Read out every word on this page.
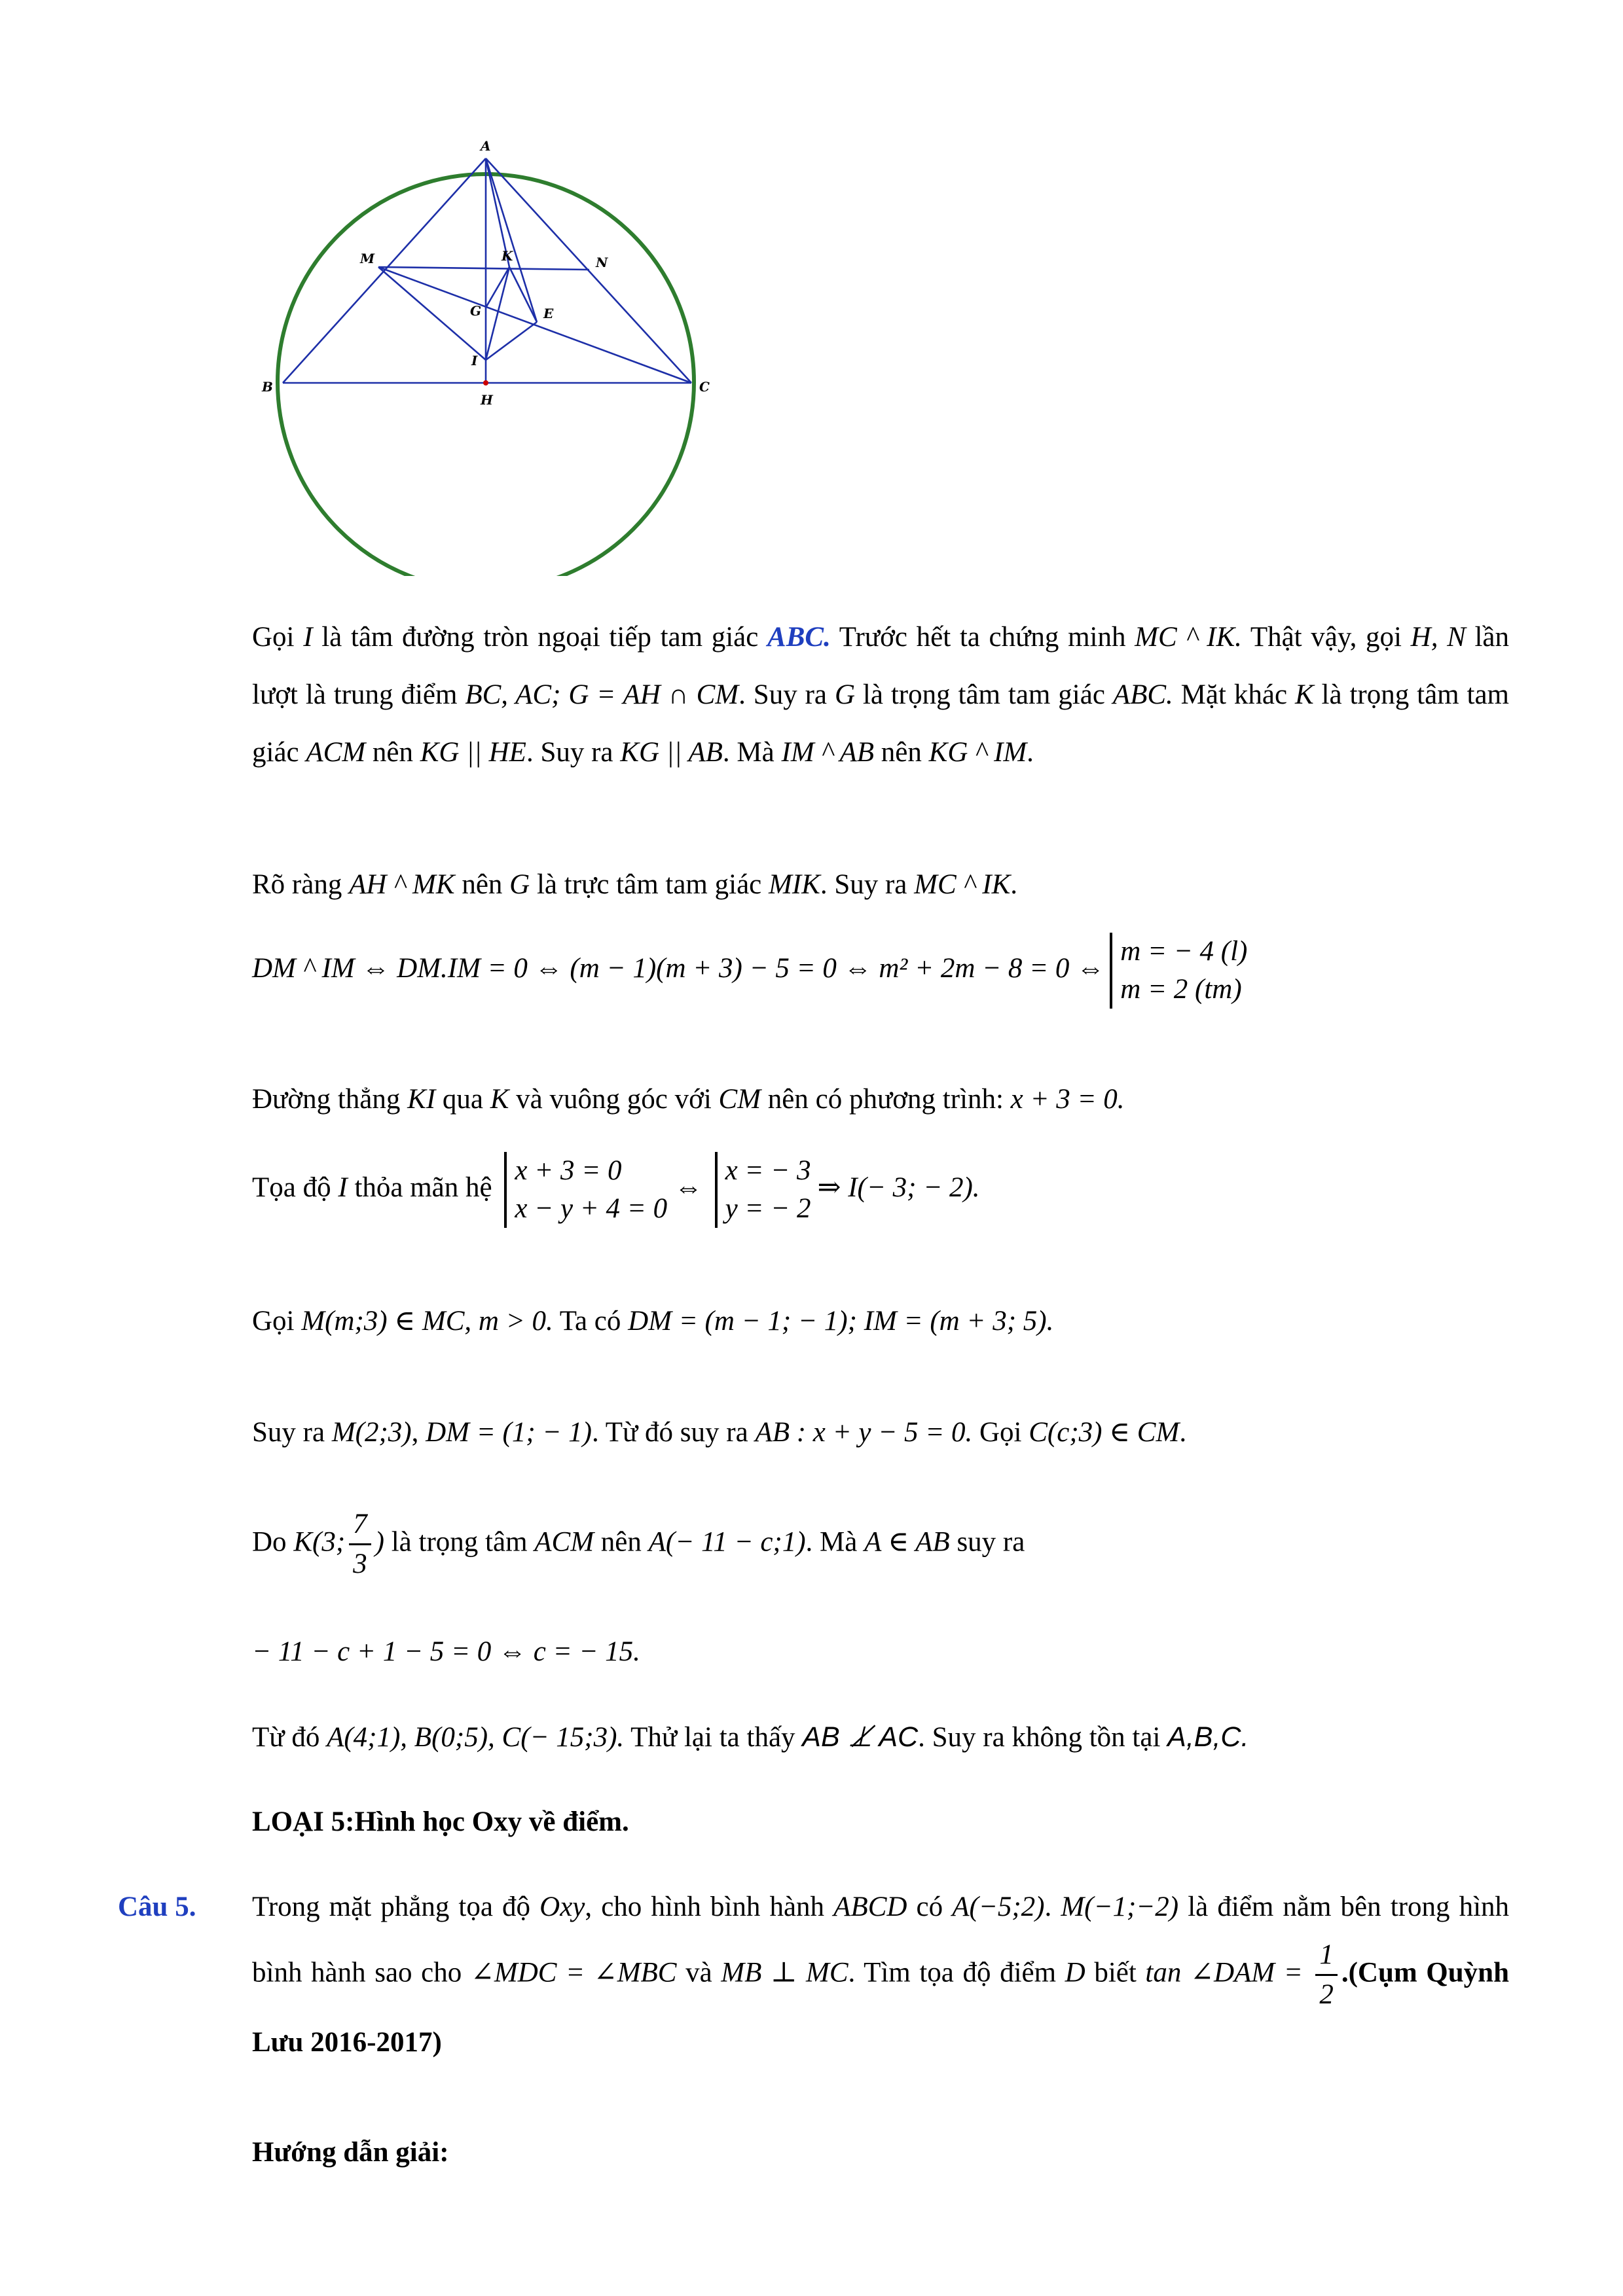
A
M	K	N
G	E
I
B
H
C
Gọi I là tâm đường tròn ngoại tiếp tam giác ABC. Trước hết ta chứng minh MC ^ IK. Thật vậy, gọi H, N lần lượt là trung điểm BC, AC; G = AH ∩ CM. Suy ra G là trọng tâm tam giác ABC. Mặt khác K là trọng tâm tam giác ACM nên KG || HE. Suy ra KG || AB. Mà IM ^ AB nên KG ^ IM.
Rõ ràng AH ^ MK nên G là trực tâm tam giác MIK. Suy ra MC ^ IK.
DM ^ IM ⇔ DM.IM = 0 ⇔ (m − 1)(m + 3) − 5 = 0 ⇔ m² + 2m − 8 = 0 ⇔
m = − 4 (l)
m = 2 (tm)
Đường thẳng KI qua K và vuông góc với CM nên có phương trình: x + 3 = 0.
Tọa độ I thỏa mãn hệ
x + 3 = 0
x − y + 4 = 0
⇔
x = − 3
y = − 2
⇒ I(− 3; − 2).
Gọi M(m;3) ∈ MC, m > 0. Ta có DM = (m − 1; − 1); IM = (m + 3; 5).
Suy ra M(2;3), DM = (1; − 1). Từ đó suy ra AB : x + y − 5 = 0. Gọi C(c;3) ∈ CM.
Do K(3; $\frac{7}{3}$ ) là trọng tâm ACM nên A(− 11 − c;1). Mà A ∈ AB suy ra
− 11 − c + 1 − 5 = 0 ⇔ c = − 15.
Từ đó A(4;1), B(0;5), C(− 15;3). Thử lại ta thấy AB ⊥̸ AC. Suy ra không tồn tại A,B,C.
LOẠI 5:Hình học Oxy về điểm.
Câu 5. Trong mặt phẳng tọa độ Oxy, cho hình bình hành ABCD có A(−5;2). M(−1;−2) là điểm nằm bên trong hình bình hành sao cho ∠MDC = ∠MBC và MB ⊥ MC. Tìm tọa độ điểm D biết tan ∠DAM = $\frac{1}{2}$ .(Cụm Quỳnh Lưu 2016-2017)
Hướng dẫn giải:
